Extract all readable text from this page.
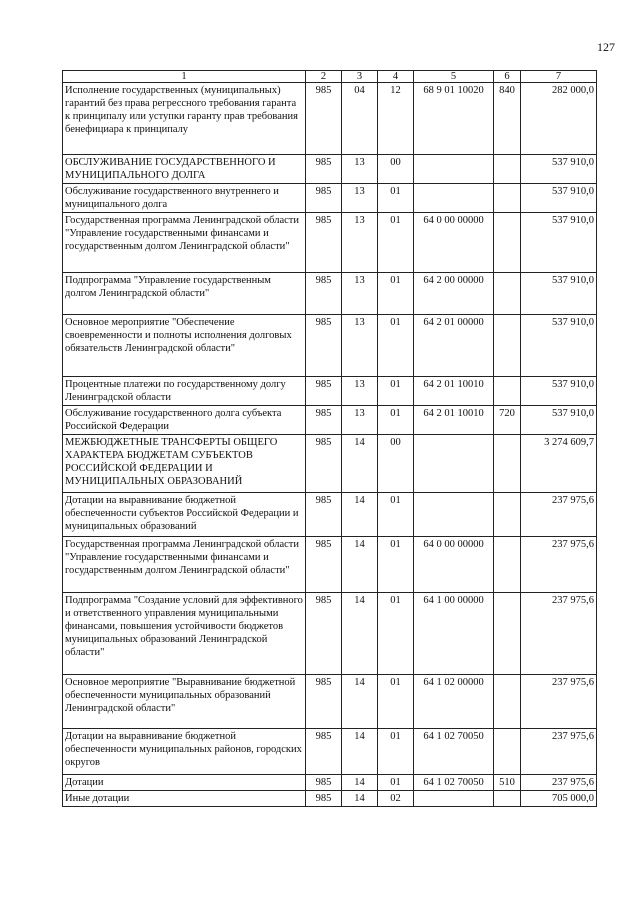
127
1	2	3	4	5	6	7
Исполнение государственных (муниципальных) гарантий без права регрессного требования гаранта к принципалу или уступки гаранту прав требования бенефициара к принципалу	985	04	12	68 9 01 10020	840	282 000,0
ОБСЛУЖИВАНИЕ ГОСУДАРСТВЕННОГО И МУНИЦИПАЛЬНОГО ДОЛГА	985	13	00			537 910,0
Обслуживание государственного внутреннего и муниципального долга	985	13	01			537 910,0
Государственная программа Ленинградской области "Управление государственными финансами и государственным долгом Ленинградской области"	985	13	01	64 0 00 00000		537 910,0
Подпрограмма "Управление государственным долгом Ленинградской области"	985	13	01	64 2 00 00000		537 910,0
Основное мероприятие "Обеспечение своевременности и полноты исполнения долговых обязательств Ленинградской области"	985	13	01	64 2 01 00000		537 910,0
Процентные платежи по государственному долгу Ленинградской области	985	13	01	64 2 01 10010		537 910,0
Обслуживание государственного долга субъекта Российской Федерации	985	13	01	64 2 01 10010	720	537 910,0
МЕЖБЮДЖЕТНЫЕ ТРАНСФЕРТЫ ОБЩЕГО ХАРАКТЕРА БЮДЖЕТАМ СУБЪЕКТОВ РОССИЙСКОЙ ФЕДЕРАЦИИ И МУНИЦИПАЛЬНЫХ ОБРАЗОВАНИЙ	985	14	00			3 274 609,7
Дотации на выравнивание бюджетной обеспеченности субъектов Российской Федерации и муниципальных образований	985	14	01			237 975,6
Государственная программа Ленинградской области "Управление государственными финансами и государственным долгом Ленинградской области"	985	14	01	64 0 00 00000		237 975,6
Подпрограмма "Создание условий для эффективного и ответственного управления муниципальными финансами, повышения устойчивости бюджетов муниципальных образований Ленинградской области"	985	14	01	64 1 00 00000		237 975,6
Основное мероприятие "Выравнивание бюджетной обеспеченности муниципальных образований Ленинградской области"	985	14	01	64 1 02 00000		237 975,6
Дотации на выравнивание бюджетной обеспеченности муниципальных районов, городских округов	985	14	01	64 1 02 70050		237 975,6
Дотации	985	14	01	64 1 02 70050	510	237 975,6
Иные дотации	985	14	02			705 000,0
